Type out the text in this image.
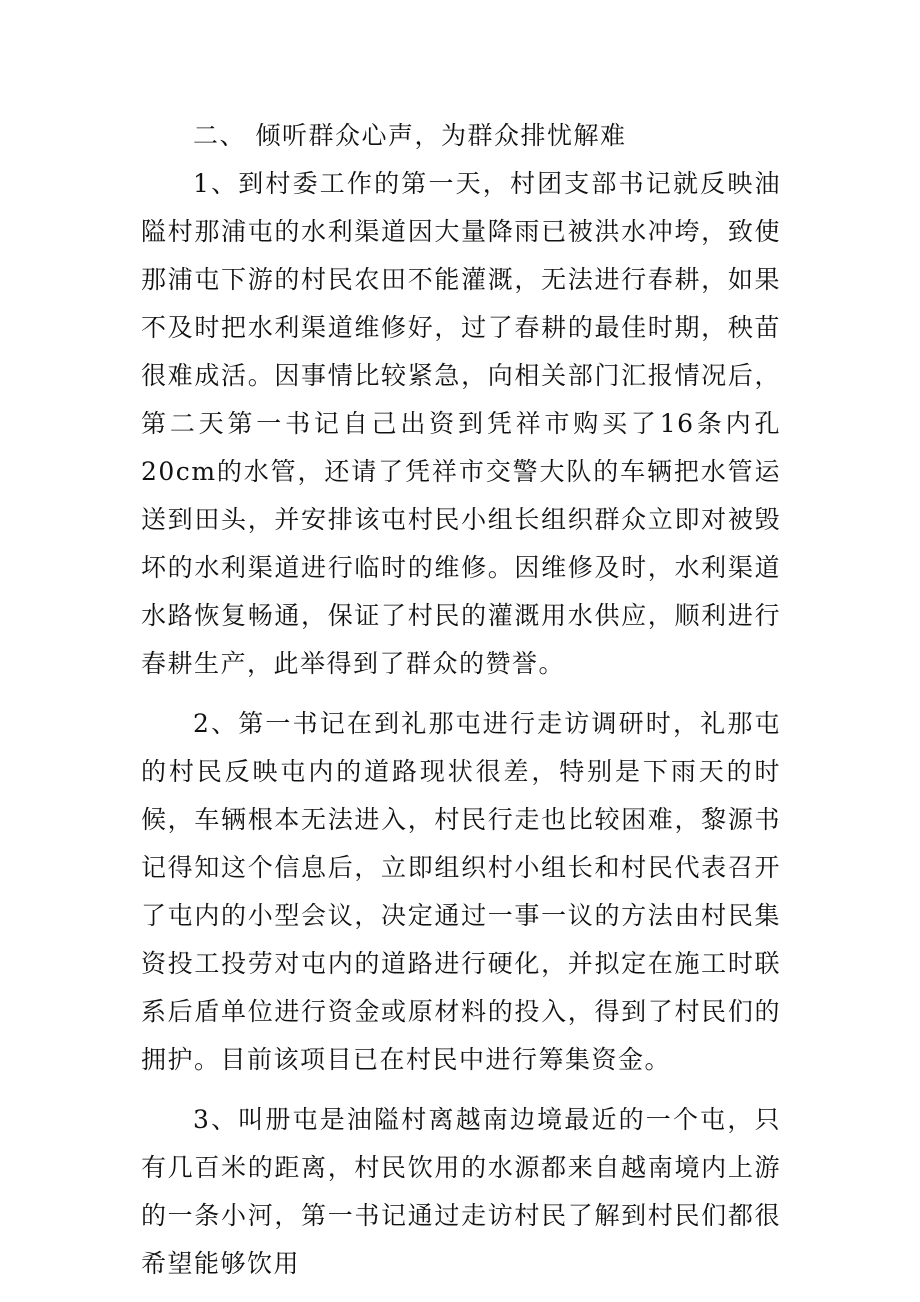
二、 倾听群众心声，为群众排忧解难

1、到村委工作的第一天，村团支部书记就反映油隘村那浦屯的水利渠道因大量降雨已被洪水冲垮，致使那浦屯下游的村民农田不能灌溉，无法进行春耕，如果不及时把水利渠道维修好，过了春耕的最佳时期，秧苗很难成活。因事情比较紧急，向相关部门汇报情况后，第二天第一书记自己出资到凭祥市购买了16条内孔20cm的水管，还请了凭祥市交警大队的车辆把水管运送到田头，并安排该屯村民小组长组织群众立即对被毁坏的水利渠道进行临时的维修。因维修及时，水利渠道水路恢复畅通，保证了村民的灌溉用水供应，顺利进行春耕生产，此举得到了群众的赞誉。

2、第一书记在到礼那屯进行走访调研时，礼那屯的村民反映屯内的道路现状很差，特别是下雨天的时候，车辆根本无法进入，村民行走也比较困难，黎源书记得知这个信息后，立即组织村小组长和村民代表召开了屯内的小型会议，决定通过一事一议的方法由村民集资投工投劳对屯内的道路进行硬化，并拟定在施工时联系后盾单位进行资金或原材料的投入，得到了村民们的拥护。目前该项目已在村民中进行筹集资金。

3、叫册屯是油隘村离越南边境最近的一个屯，只有几百米的距离，村民饮用的水源都来自越南境内上游的一条小河，第一书记通过走访村民了解到村民们都很希望能够饮用
